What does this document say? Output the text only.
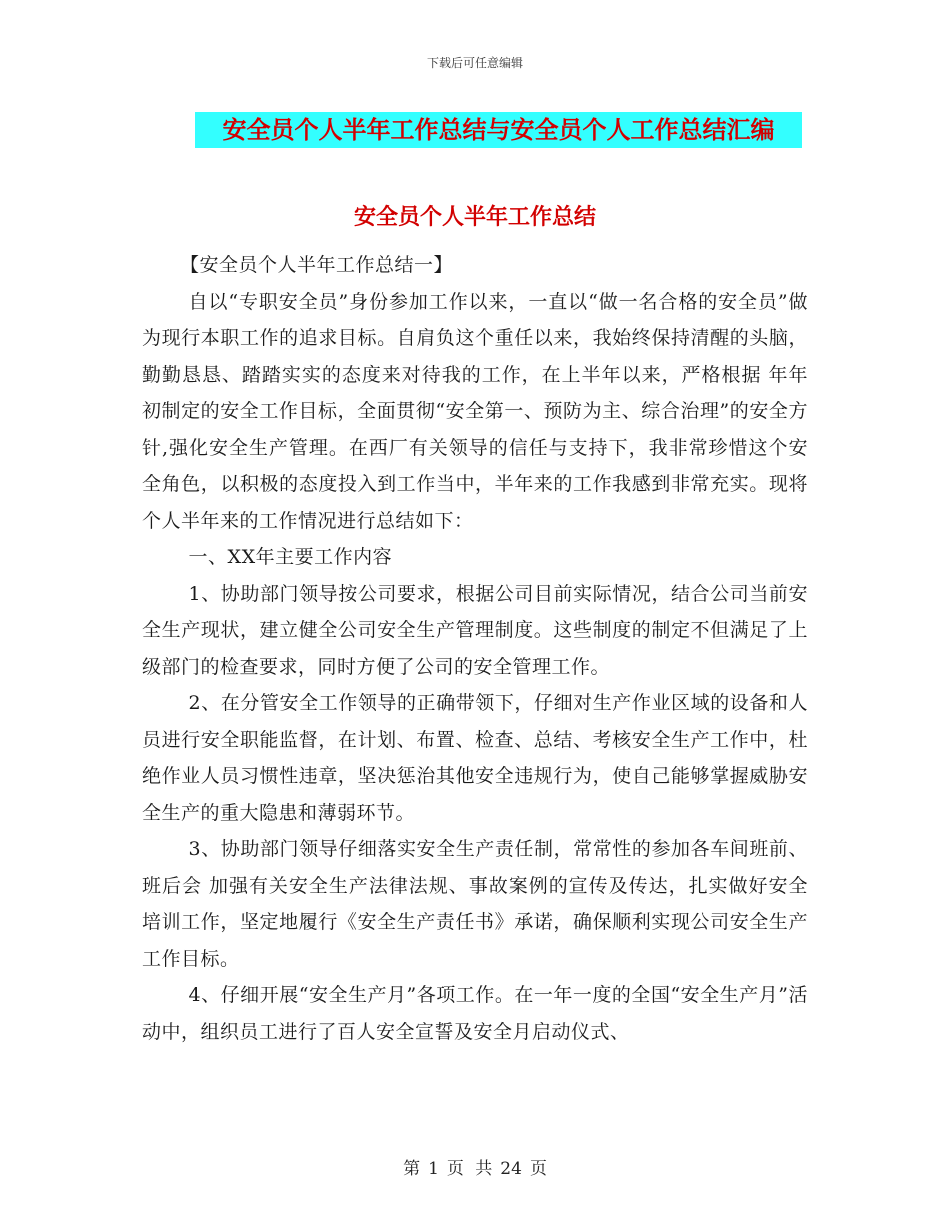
下载后可任意编辑
安全员个人半年工作总结与安全员个人工作总结汇编
安全员个人半年工作总结

【安全员个人半年工作总结一】

自以“专职安全员”身份参加工作以来，一直以“做一名合格的安全员”做为现行本职工作的追求目标。自肩负这个重任以来，我始终保持清醒的头脑，勤勤恳恳、踏踏实实的态度来对待我的工作，在上半年以来，严格根据 年年初制定的安全工作目标，全面贯彻“安全第一、预防为主、综合治理”的安全方针,强化安全生产管理。在西厂有关领导的信任与支持下，我非常珍惜这个安全角色，以积极的态度投入到工作当中，半年来的工作我感到非常充实。现将个人半年来的工作情况进行总结如下：

一、XX年主要工作内容

1、协助部门领导按公司要求，根据公司目前实际情况，结合公司当前安全生产现状，建立健全公司安全生产管理制度。这些制度的制定不但满足了上级部门的检查要求，同时方便了公司的安全管理工作。

2、在分管安全工作领导的正确带领下，仔细对生产作业区域的设备和人员进行安全职能监督，在计划、布置、检查、总结、考核安全生产工作中，杜绝作业人员习惯性违章，坚决惩治其他安全违规行为，使自己能够掌握威胁安全生产的重大隐患和薄弱环节。

3、协助部门领导仔细落实安全生产责任制，常常性的参加各车间班前、班后会 加强有关安全生产法律法规、事故案例的宣传及传达，扎实做好安全培训工作，坚定地履行《安全生产责任书》承诺，确保顺利实现公司安全生产工作目标。

4、仔细开展“安全生产月”各项工作。在一年一度的全国“安全生产月”活动中，组织员工进行了百人安全宣誓及安全月启动仪式、

第 1 页 共 24 页
